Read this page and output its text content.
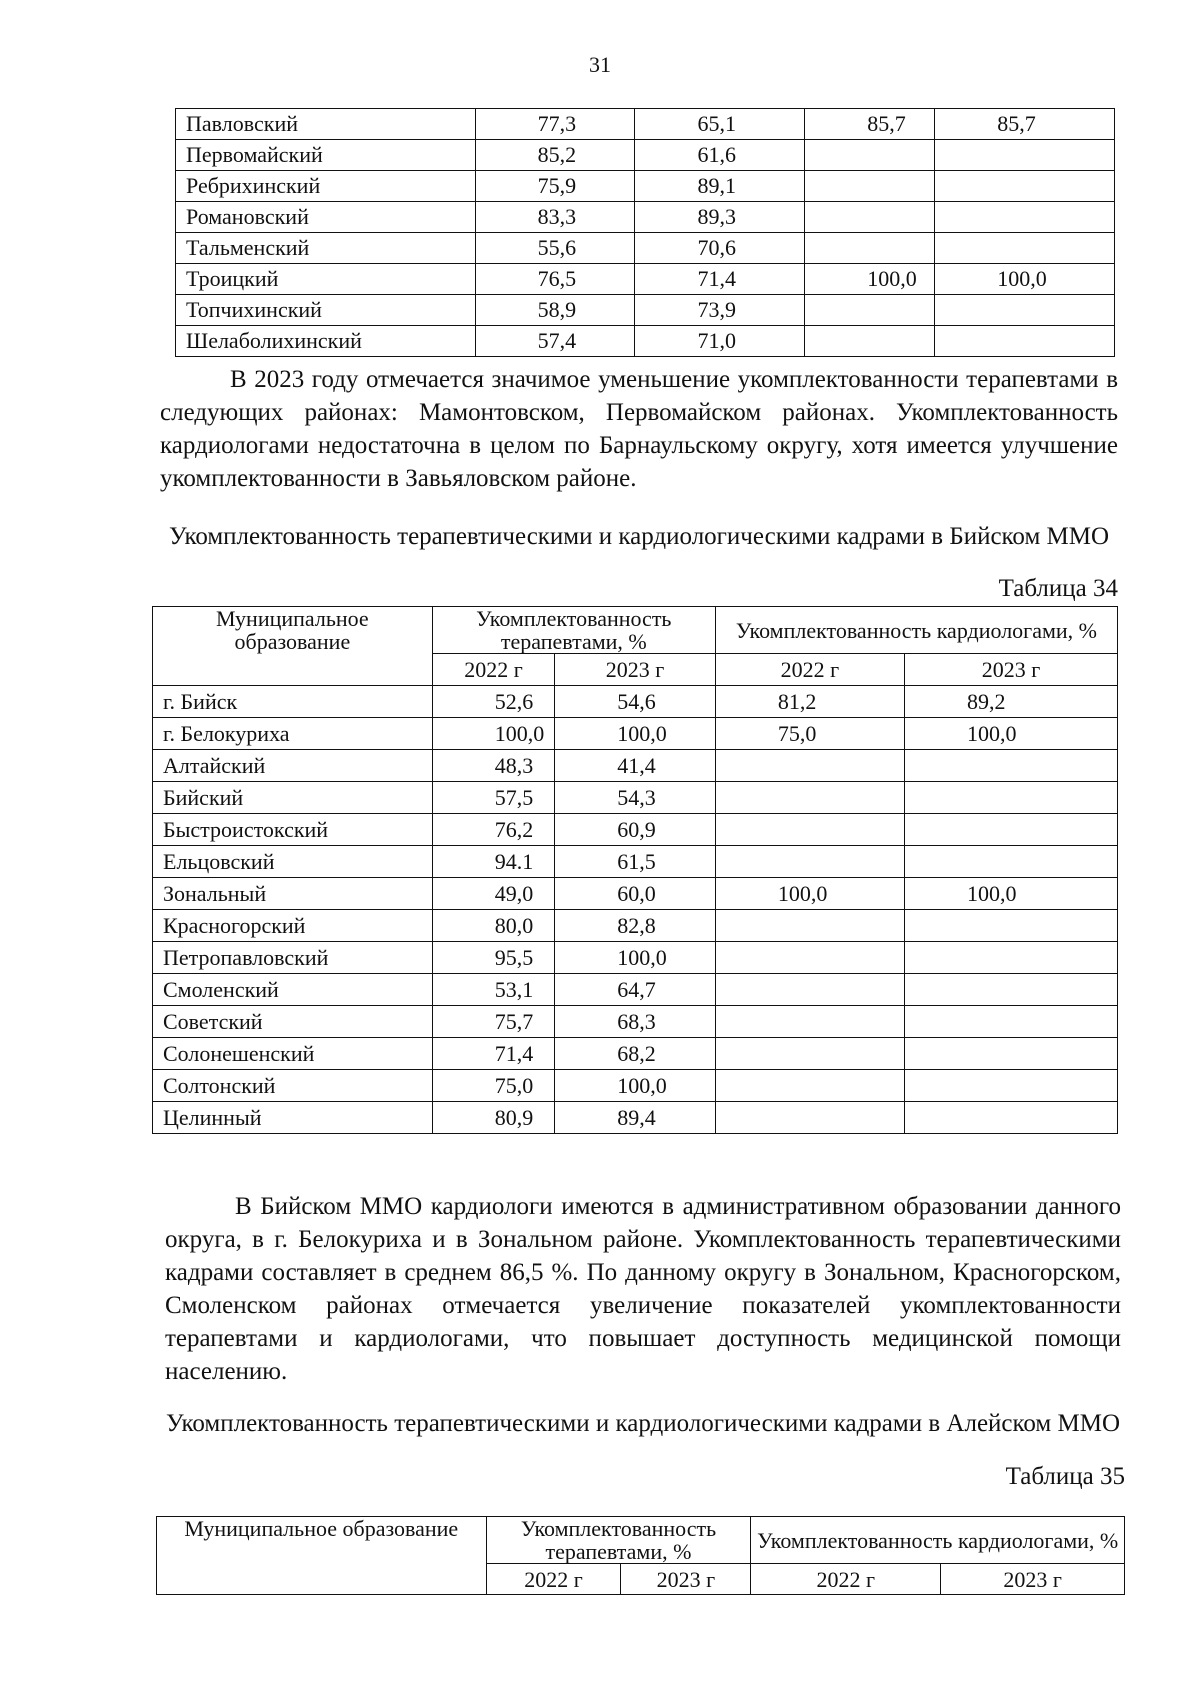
31
Павловский	77,3	65,1	85,7	85,7
Первомайский	85,2	61,6		
Ребрихинский	75,9	89,1		
Романовский	83,3	89,3		
Тальменский	55,6	70,6		
Троицкий	76,5	71,4	100,0	100,0
Топчихинский	58,9	73,9		
Шелаболихинский	57,4	71,0		

В 2023 году отмечается значимое уменьшение укомплектованности терапевтами в следующих районах: Мамонтовском, Первомайском районах. Укомплектованность кардиологами недостаточна в целом по Барнаульскому округу, хотя имеется улучшение укомплектованности в Завьяловском районе.

Укомплектованность терапевтическими и кардиологическими кадрами в Бийском ММО

Таблица 34
Муниципальное образование	Укомплектованность терапевтами, %		Укомплектованность кардиологами, %	
	2022 г	2023 г	2022 г	2023 г
г. Бийск	52,6	54,6	81,2	89,2
г. Белокуриха	100,0	100,0	75,0	100,0
Алтайский	48,3	41,4		
Бийский	57,5	54,3		
Быстроистокский	76,2	60,9		
Ельцовский	94.1	61,5		
Зональный	49,0	60,0	100,0	100,0
Красногорский	80,0	82,8		
Петропавловский	95,5	100,0		
Смоленский	53,1	64,7		
Советский	75,7	68,3		
Солонешенский	71,4	68,2		
Солтонский	75,0	100,0		
Целинный	80,9	89,4		

В Бийском ММО кардиологи имеются в административном образовании данного округа, в г. Белокуриха и в Зональном районе. Укомплектованность терапевтическими кадрами составляет в среднем 86,5 %. По данному округу в Зональном, Красногорском, Смоленском районах отмечается увеличение показателей укомплектованности терапевтами и кардиологами, что повышает доступность медицинской помощи населению.

Укомплектованность терапевтическими и кардиологическими кадрами в Алейском ММО

Таблица 35
Муниципальное образование	Укомплектованность терапевтами, %		Укомплектованность кардиологами, %	
	2022 г	2023 г	2022 г	2023 г
